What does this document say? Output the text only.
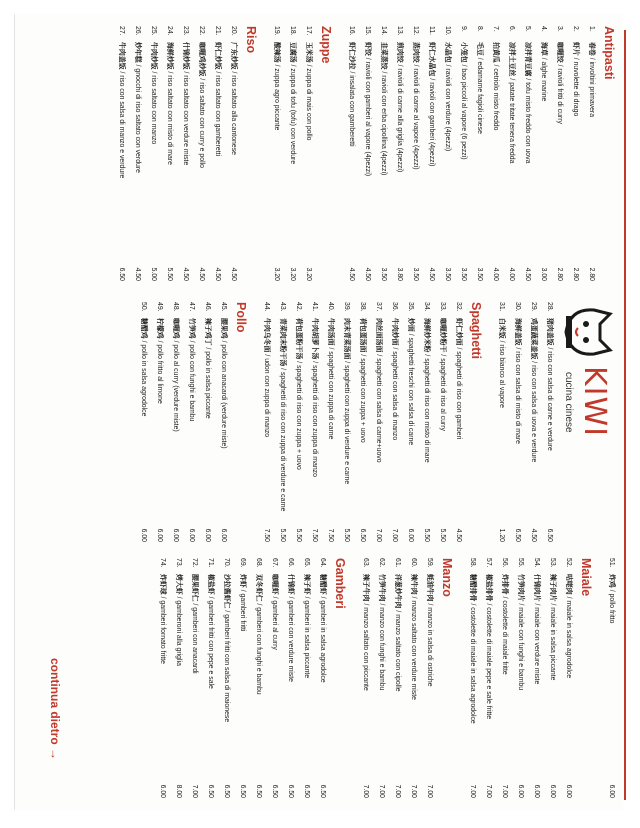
KIWI
cucina cinese
Antipasti
1.
春卷 / involtini primavera
2.80
2.
虾片 / nuvolette di drago
2.80
3.
咖喱饺 / ravioli fritti di curry
2.80
4.
海草 / alghe marine
3.00
5.
凉拌青豆腐 / tofu misto freddo con uova
4.50
6.
凉拌土豆丝 / patate tritate tenera fredda
4.00
7.
拍黄瓜 / cetriolo misto freddo
4.00
8.
毛豆 / edamame fagioli cinese
3.50
9.
小笼包 / bao piccoli al vapore (6 pezzi)
3.50
10.
水晶包 / ravioli con verdure (4pezzi)
3.50
11.
虾仁水晶包 / ravioli con gamberi (4pezzi)
4.50
12.
蒸肉饺 / ravioli di carne al vapore (4pezzi)
3.50
13.
煎肉饺 / ravioli di carne alla griglia (4pezzi)
3.80
14.
韭菜蒸饺 / ravioli con erba cipollina (4pezzi)
3.50
15.
虾饺 / ravioli con gamberi al vapore (4pezzi)
4.50
16.
虾仁沙拉 / insalata con gamberetti
4.50
Zuppe
17.
玉米汤 / zuppa di mais con pollo
3.20
18.
豆腐汤 / zuppa di tofu (tofu) con verdure
3.20
19.
酸辣汤 / zuppa agro piccante
3.20
Riso
20.
广东炒饭 / riso saltato alla cantonese
4.50
21.
虾仁炒饭 / riso saltato con gamberetti
4.50
22.
咖喱鸡炒饭 / riso saltato con curry e pollo
4.50
23.
什锦炒饭 / riso saltato con verdure miste
4.50
24.
海鲜炒饭 / riso saltato con misto di mare
5.50
25.
牛肉炒饭 / riso saltato con manzo
5.00
26.
炒年糕 / gnocchi di riso saltato con verdure
4.50
27.
牛肉盖饭 / riso con salsa di manzo e verdure
6.50
28.
猪肉盖饭 / riso con salsa di carne e verdure
6.50
29.
鸡蛋蔬菜盖饭 / riso con salsa di uova e verdure
4.50
30.
海鲜盖饭 / riso con salsa di misto di mare
6.50
31.
白米饭 / riso bianco al vapore
1.20
Spaghetti
32.
虾仁炒面 / spaghetti di riso con gamberi
4.50
33.
咖喱炒粉干 / spaghetti di riso al curry
5.50
34.
海鲜炒米粉 / spaghetti di riso con misto di mare
5.50
35.
炒面 / spaghetti freschi con salsa di carne
6.00
36.
牛肉炒面 / spaghetti con salsa di manzo
7.00
37.
肉丝面汤面 / spaghetti con salsa di carne+uovo
7.00
38.
荷包蛋汤面 / spaghetti con zuppa + uovo
6.50
39.
肉末青菜汤面 / spaghetti con zuppa di verdure e carne
5.50
40.
牛肉汤面 / spaghetti con zuppa di carne
7.50
41.
牛肉胡萝卜汤 / spaghetti di riso con zuppa di manzo
7.50
42.
荷包蛋粉干汤 / spaghetti di riso con zuppa + uovo
5.50
43.
青菜肉末粉干汤 / spaghetti di riso con zuppa di verdure e carne
5.50
44.
牛肉乌冬面 / udon con zuppa di manzo
7.50
Pollo
45.
腰果鸡 / pollo con anacardi (verdure miste)
6.00
46.
辣子鸡丁 / pollo in salsa piccante
6.00
47.
竹笋鸡 / pollo con funghi e bambu
6.00
48.
咖喱鸡 / pollo al curry (verdure miste)
6.00
49.
柠檬鸡 / pollo fritto al limone
6.00
50.
糖醋鸡 / pollo in salsa agrodolce
6.00
51.
炸鸡 / pollo fritto
6.00
Maiale
52.
咕咾肉 / maiale in salsa agrodolce
6.00
53.
辣子肉片 / maiale in salsa piccante
6.00
54.
什锦肉片 / maiale con verdure miste
6.00
55.
竹笋肉片 / maiale con funghi e bambu
6.00
56.
炸排骨 / costolette di maiale fritte
7.00
57.
椒盐排骨 / costolette di maiale pepe e sale fritte
7.00
58.
糖醋排骨 / costolette di maiale in salsa agrodolce
7.00
Manzo
59.
蚝油牛肉 / manzo in salsa di ostriche
7.00
60.
辣牛肉 / manzo saltato con verdure miste
7.00
61.
洋葱炒牛肉 / manzo saltato con cipolle
7.00
62.
竹笋牛肉 / manzo con funghi e bambu
7.00
63.
辣子牛肉 / manzo saltato con piccante
7.00
Gamberi
64.
糖醋虾 / gamberi in salsa agrodolce
6.50
65.
辣子虾 / gamberi in salsa piccante
6.50
66.
什锦虾 / gamberi con verdure miste
6.50
67.
咖喱虾 / gamberi al curry
6.50
68.
双冬虾仁 / gamberi con funghi e bambu
6.50
69.
炸虾 / gamberi fritti
6.50
70.
沙拉酱虾仁 / gamberi fritti con salsa di maionese
6.50
71.
椒盐虾 / gamberi fritti con pepe e sale
6.50
72.
腰果虾仁 / gamberi con anacardi
7.00
73.
烤大虾 / gamberoni alla griglia
8.00
74.
炸虾球 / gamberi fornato fritte
6.00
continua dietro →
